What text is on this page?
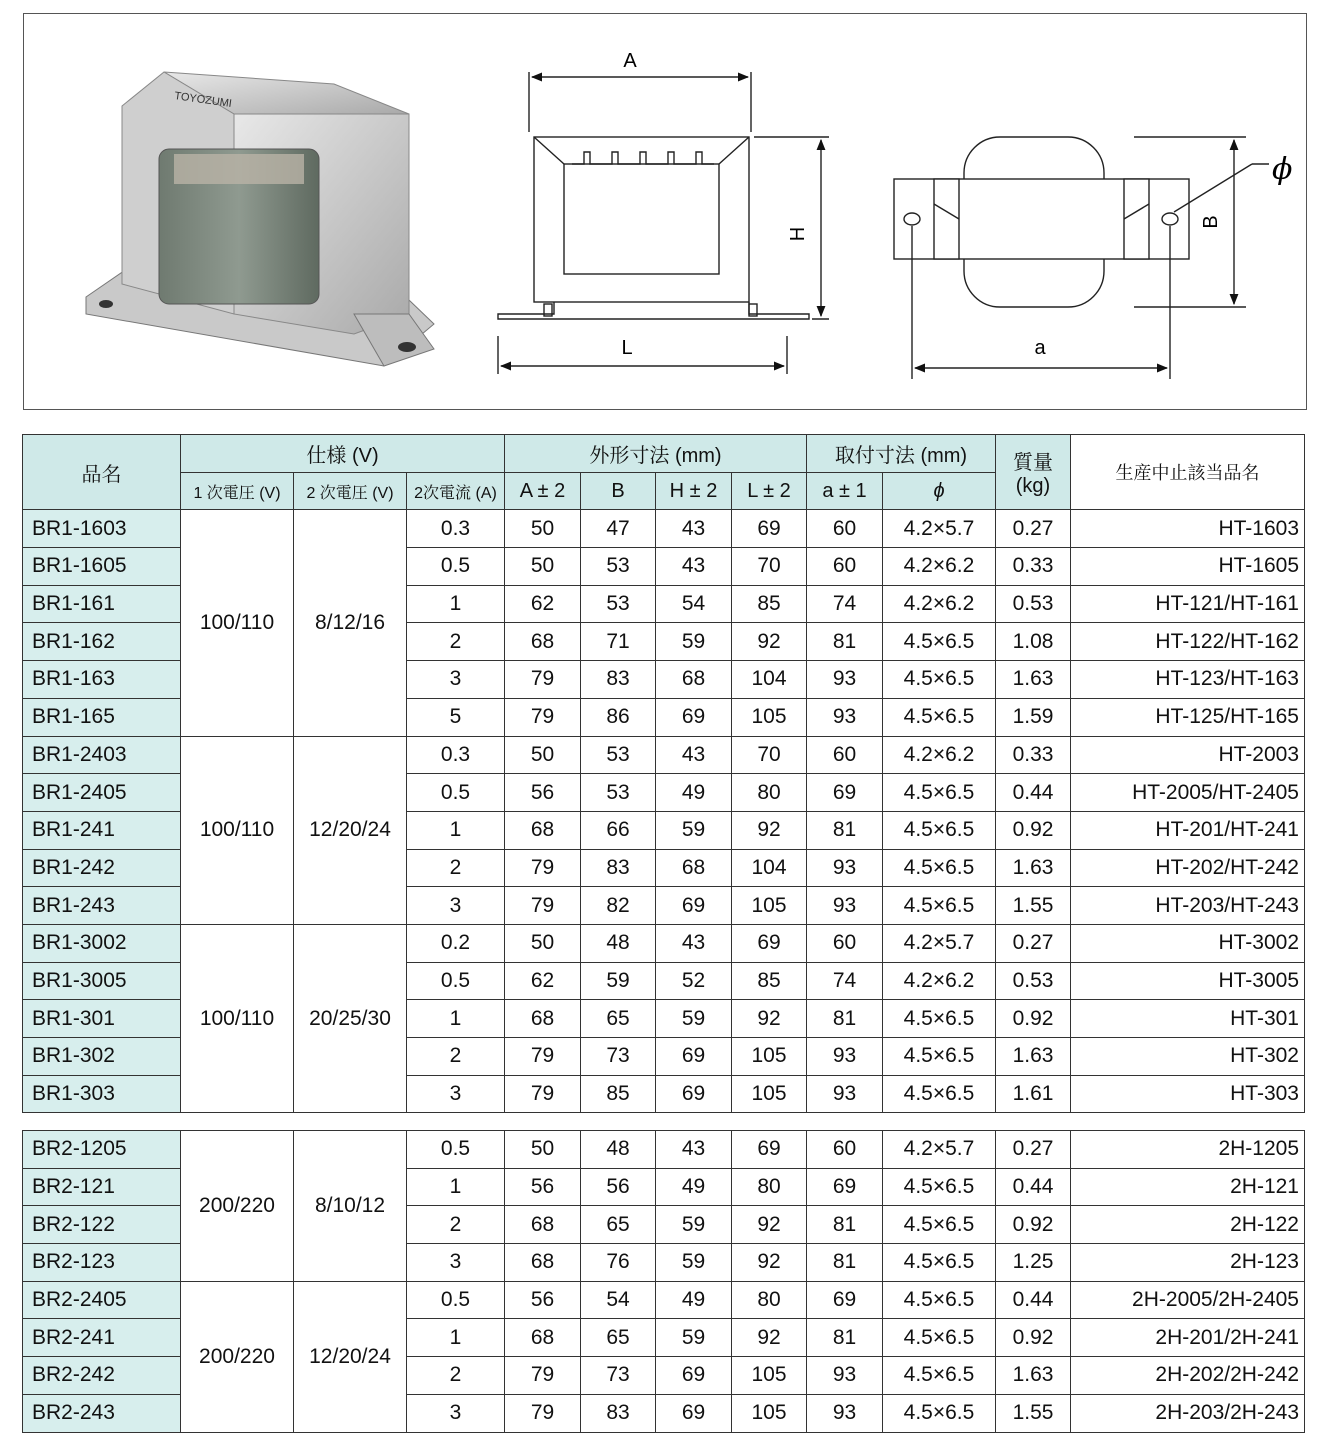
TOYOZUMI
A
H
L
B
a
ϕ
品名	仕様 (V)			外形寸法 (mm)				取付寸法 (mm)		質量
(kg)	生産中止該当品名
	1 次電圧 (V)	2 次電圧 (V)	2次電流 (A)	A ± 2	B	H ± 2	L ± 2	a ± 1	ϕ		
BR1-1603	100/110	8/12/16	0.3	50	47	43	69	60	4.2×5.7	0.27	HT-1603
BR1-1605			0.5	50	53	43	70	60	4.2×6.2	0.33	HT-1605
BR1-161			1	62	53	54	85	74	4.2×6.2	0.53	HT-121/HT-161
BR1-162			2	68	71	59	92	81	4.5×6.5	1.08	HT-122/HT-162
BR1-163			3	79	83	68	104	93	4.5×6.5	1.63	HT-123/HT-163
BR1-165			5	79	86	69	105	93	4.5×6.5	1.59	HT-125/HT-165
BR1-2403	100/110	12/20/24	0.3	50	53	43	70	60	4.2×6.2	0.33	HT-2003
BR1-2405			0.5	56	53	49	80	69	4.5×6.5	0.44	HT-2005/HT-2405
BR1-241			1	68	66	59	92	81	4.5×6.5	0.92	HT-201/HT-241
BR1-242			2	79	83	68	104	93	4.5×6.5	1.63	HT-202/HT-242
BR1-243			3	79	82	69	105	93	4.5×6.5	1.55	HT-203/HT-243
BR1-3002	100/110	20/25/30	0.2	50	48	43	69	60	4.2×5.7	0.27	HT-3002
BR1-3005			0.5	62	59	52	85	74	4.2×6.2	0.53	HT-3005
BR1-301			1	68	65	59	92	81	4.5×6.5	0.92	HT-301
BR1-302			2	79	73	69	105	93	4.5×6.5	1.63	HT-302
BR1-303			3	79	85	69	105	93	4.5×6.5	1.61	HT-303
BR2-1205	200/220	8/10/12	0.5	50	48	43	69	60	4.2×5.7	0.27	2H-1205
BR2-121			1	56	56	49	80	69	4.5×6.5	0.44	2H-121
BR2-122			2	68	65	59	92	81	4.5×6.5	0.92	2H-122
BR2-123			3	68	76	59	92	81	4.5×6.5	1.25	2H-123
BR2-2405	200/220	12/20/24	0.5	56	54	49	80	69	4.5×6.5	0.44	2H-2005/2H-2405
BR2-241			1	68	65	59	92	81	4.5×6.5	0.92	2H-201/2H-241
BR2-242			2	79	73	69	105	93	4.5×6.5	1.63	2H-202/2H-242
BR2-243			3	79	83	69	105	93	4.5×6.5	1.55	2H-203/2H-243
